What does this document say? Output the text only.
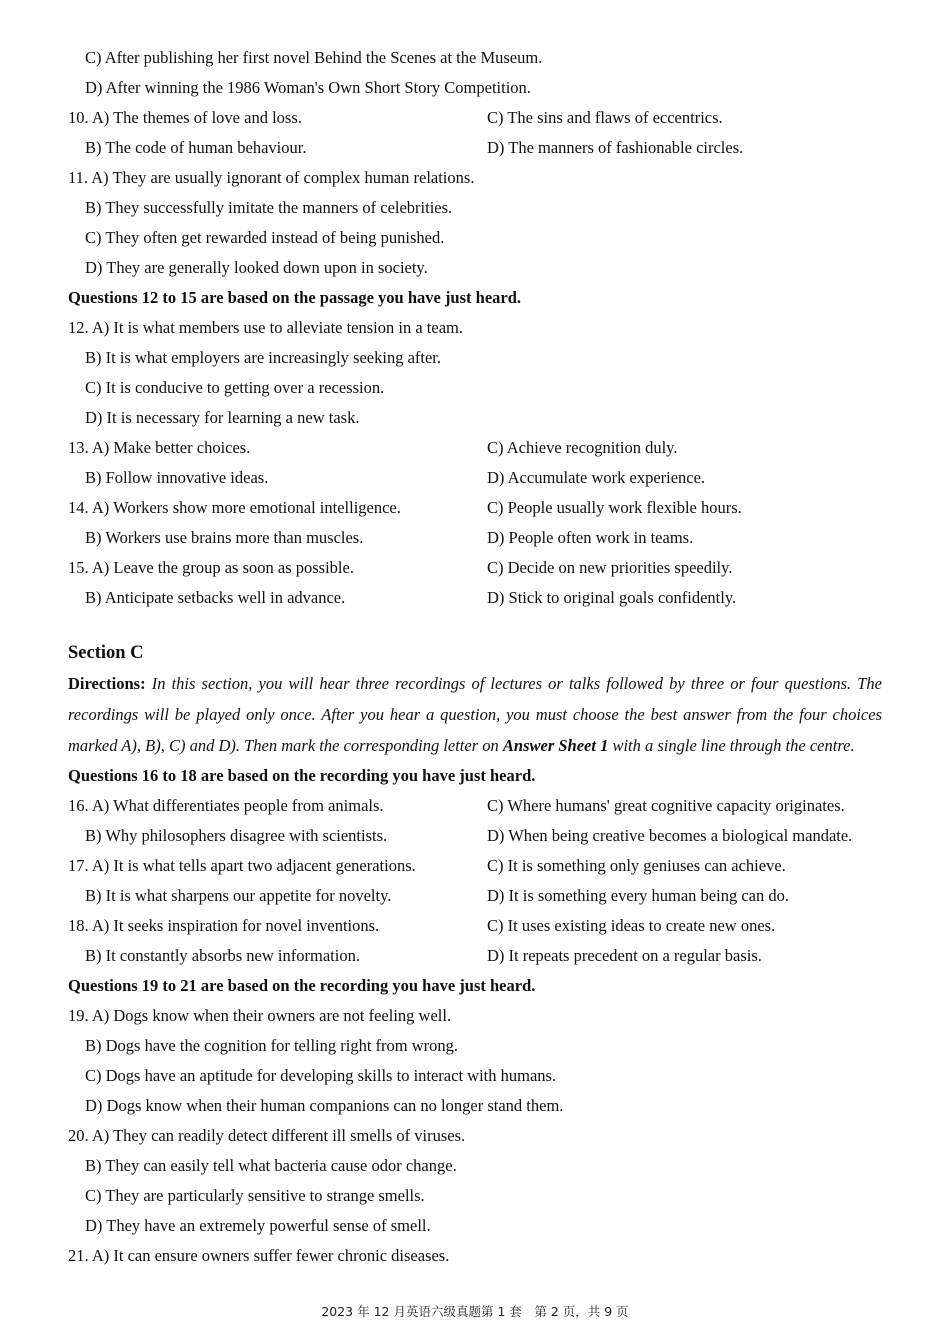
C) After publishing her first novel Behind the Scenes at the Museum.
D) After winning the 1986 Woman's Own Short Story Competition.
10. A) The themes of love and loss.	C) The sins and flaws of eccentrics.
B) The code of human behaviour.	D) The manners of fashionable circles.
11. A) They are usually ignorant of complex human relations.
B) They successfully imitate the manners of celebrities.
C) They often get rewarded instead of being punished.
D) They are generally looked down upon in society.
Questions 12 to 15 are based on the passage you have just heard.
12. A) It is what members use to alleviate tension in a team.
B) It is what employers are increasingly seeking after.
C) It is conducive to getting over a recession.
D) It is necessary for learning a new task.
13. A) Make better choices.	C) Achieve recognition duly.
B) Follow innovative ideas.	D) Accumulate work experience.
14. A) Workers show more emotional intelligence.	C) People usually work flexible hours.
B) Workers use brains more than muscles.	D) People often work in teams.
15. A) Leave the group as soon as possible.	C) Decide on new priorities speedily.
B) Anticipate setbacks well in advance.	D) Stick to original goals confidently.
Section C
Directions: In this section, you will hear three recordings of lectures or talks followed by three or four questions. The recordings will be played only once. After you hear a question, you must choose the best answer from the four choices marked A), B), C) and D). Then mark the corresponding letter on Answer Sheet 1 with a single line through the centre.
Questions 16 to 18 are based on the recording you have just heard.
16. A) What differentiates people from animals.	C) Where humans' great cognitive capacity originates.
B) Why philosophers disagree with scientists.	D) When being creative becomes a biological mandate.
17. A) It is what tells apart two adjacent generations.	C) It is something only geniuses can achieve.
B) It is what sharpens our appetite for novelty.	D) It is something every human being can do.
18. A) It seeks inspiration for novel inventions.	C) It uses existing ideas to create new ones.
B) It constantly absorbs new information.	D) It repeats precedent on a regular basis.
Questions 19 to 21 are based on the recording you have just heard.
19. A) Dogs know when their owners are not feeling well.
B) Dogs have the cognition for telling right from wrong.
C) Dogs have an aptitude for developing skills to interact with humans.
D) Dogs know when their human companions can no longer stand them.
20. A) They can readily detect different ill smells of viruses.
B) They can easily tell what bacteria cause odor change.
C) They are particularly sensitive to strange smells.
D) They have an extremely powerful sense of smell.
21. A) It can ensure owners suffer fewer chronic diseases.
2023 年 12 月英语六级真题第 1 套　第 2 页，共 9 页
